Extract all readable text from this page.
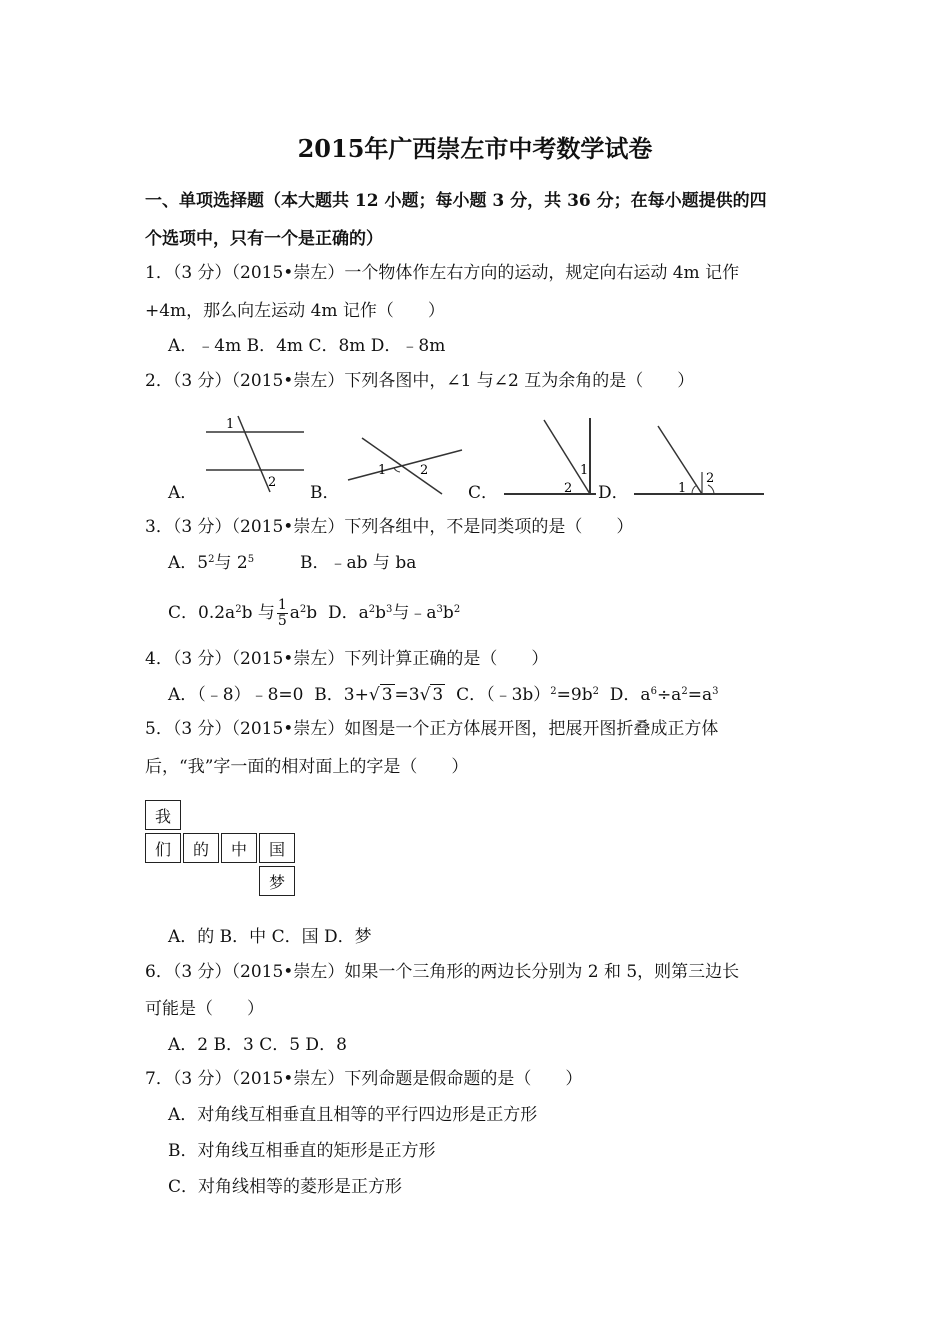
2015年广西崇左市中考数学试卷
一、单项选择题（本大题共 12 小题；每小题 3 分，共 36 分；在每小题提供的四
个选项中，只有一个是正确的）
1．（3 分）（2015•崇左）一个物体作左右方向的运动，规定向右运动 4m 记作
+4m，那么向左运动 4m 记作（　　）
A．﹣4m B．4m C．8m D．﹣8m
2．（3 分）（2015•崇左）下列各图中，∠1 与∠2 互为余角的是（　　）
A．
1
2
B．
1	2
C．
1
2 D．	1
2
3．（3 分）（2015•崇左）下列各组中，不是同类项的是（　　）
A．$5^2$与 $2^5$	B．﹣ab 与 ba
C．$0.2a^2b$ 与 $\frac{1}{5} a^2b$ D．$a^2b^3$与$﹣a^3b^2$
4．（3 分）（2015•崇左）下列计算正确的是（　　）
A．（﹣8）﹣8=0 B．3+√ 3 =3√ 3 C．$(﹣3b)^2=9b^2$ D．$a^6\div a^2=a^3$
5．（3 分）（2015•崇左）如图是一个正方体展开图，把展开图折叠成正方体
后，“我”字一面的相对面上的字是（　　）
我
们	的	中	国
梦
A．的 B．中 C．国 D．梦
6．（3 分）（2015•崇左）如果一个三角形的两边长分别为 2 和 5，则第三边长
可能是（　　）
A．2 B．3 C．5 D．8
7．（3 分）（2015•崇左）下列命题是假命题的是（　　）
A．对角线互相垂直且相等的平行四边形是正方形
B．对角线互相垂直的矩形是正方形
C．对角线相等的菱形是正方形
